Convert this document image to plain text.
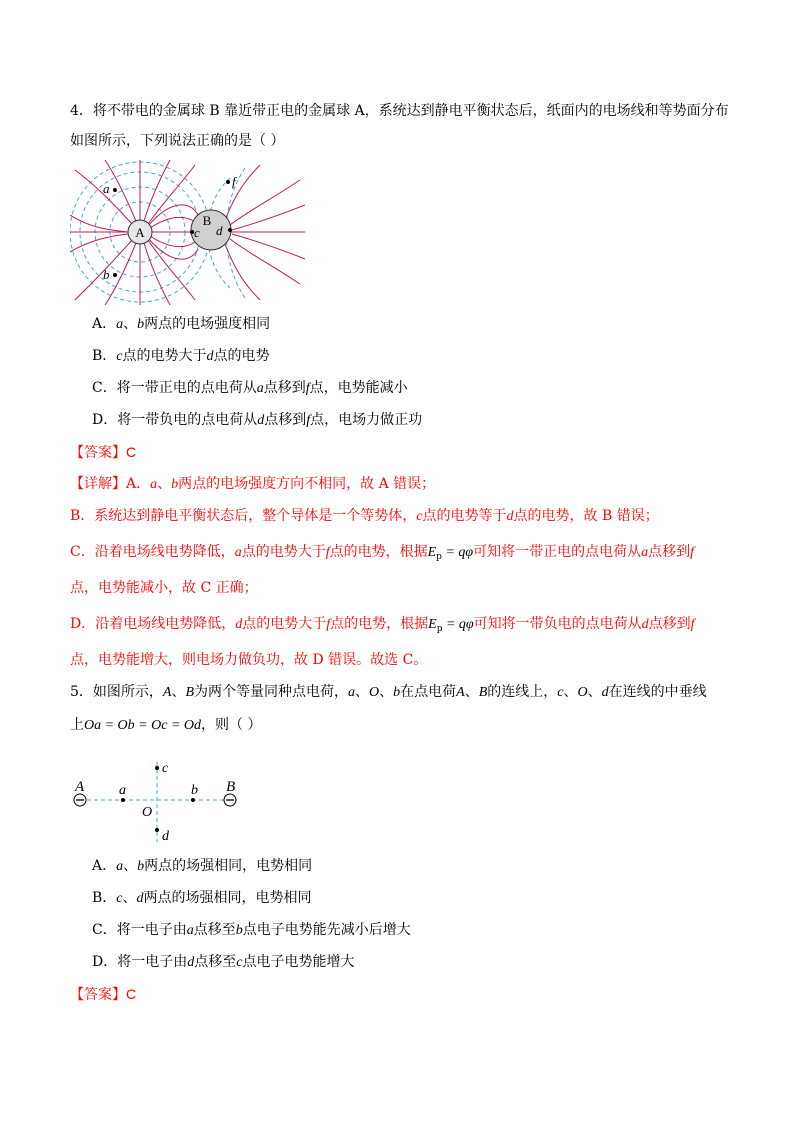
4．将不带电的金属球 B 靠近带正电的金属球 A，系统达到静电平衡状态后，纸面内的电场线和等势面分布
如图所示，下列说法正确的是（ ）
A
B
a
b
c d
f
A．a、b两点的电场强度相同
B．c点的电势大于d点的电势
C．将一带正电的点电荷从a点移到f点，电势能减小
D．将一带负电的点电荷从d点移到f点，电场力做正功
【答案】C
【详解】A．a、b两点的电场强度方向不相同，故 A 错误；
B．系统达到静电平衡状态后，整个导体是一个等势体，c点的电势等于d点的电势，故 B 错误；
C．沿着电场线电势降低，a点的电势大于f点的电势，根据$E_p = q\varphi$可知将一带正电的点电荷从a点移到f
点，电势能减小，故 C 正确；
D．沿着电场线电势降低，d点的电势大于f点的电势，根据$E_p = q\varphi$可知将一带负电的点电荷从d点移到f
点，电势能增大，则电场力做负功，故 D 错误。故选 C。
5．如图所示，A、B为两个等量同种点电荷，a、O、b在点电荷A、B的连线上，c、O、d在连线的中垂线
上Oa = Ob = Oc = Od，则（ ）
A	B
a	b
c
d
O
A．a、b两点的场强相同，电势相同
B．c、d两点的场强相同，电势相同
C．将一电子由a点移至b点电子电势能先减小后增大
D．将一电子由d点移至c点电子电势能增大
【答案】C
